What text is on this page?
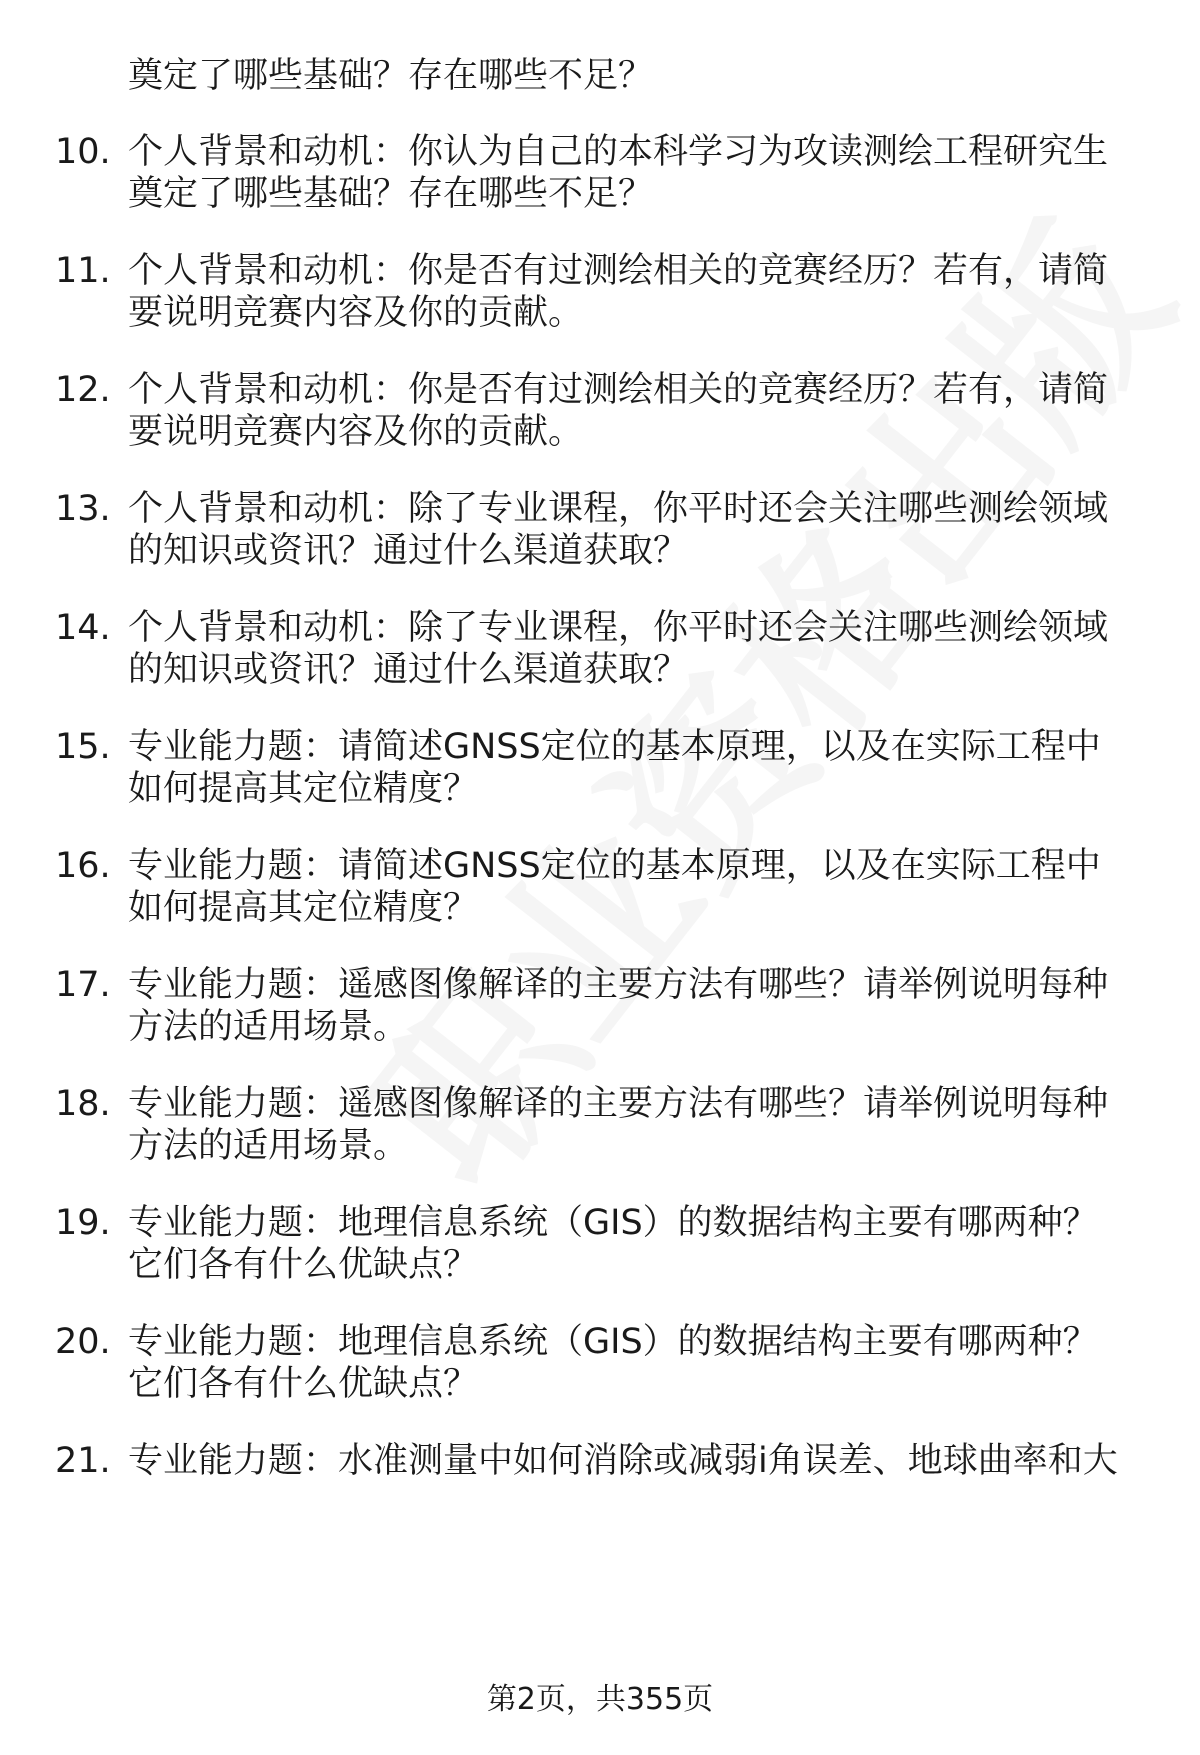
奠定了哪些基础？存在哪些不足？
10. 个人背景和动机：你认为自己的本科学习为攻读测绘工程研究生
奠定了哪些基础？存在哪些不足？
11. 个人背景和动机：你是否有过测绘相关的竞赛经历？若有，请简
要说明竞赛内容及你的贡献。
12. 个人背景和动机：你是否有过测绘相关的竞赛经历？若有，请简
要说明竞赛内容及你的贡献。
13. 个人背景和动机：除了专业课程，你平时还会关注哪些测绘领域
的知识或资讯？通过什么渠道获取？
14. 个人背景和动机：除了专业课程，你平时还会关注哪些测绘领域
的知识或资讯？通过什么渠道获取？
15. 专业能力题：请简述GNSS定位的基本原理，以及在实际工程中
如何提高其定位精度？
16. 专业能力题：请简述GNSS定位的基本原理，以及在实际工程中
如何提高其定位精度？
17. 专业能力题：遥感图像解译的主要方法有哪些？请举例说明每种
方法的适用场景。
18. 专业能力题：遥感图像解译的主要方法有哪些？请举例说明每种
方法的适用场景。
19. 专业能力题：地理信息系统（GIS）的数据结构主要有哪两种？
它们各有什么优缺点？
20. 专业能力题：地理信息系统（GIS）的数据结构主要有哪两种？
它们各有什么优缺点？
21. 专业能力题：水准测量中如何消除或减弱i角误差、地球曲率和大
第2页，共355页
